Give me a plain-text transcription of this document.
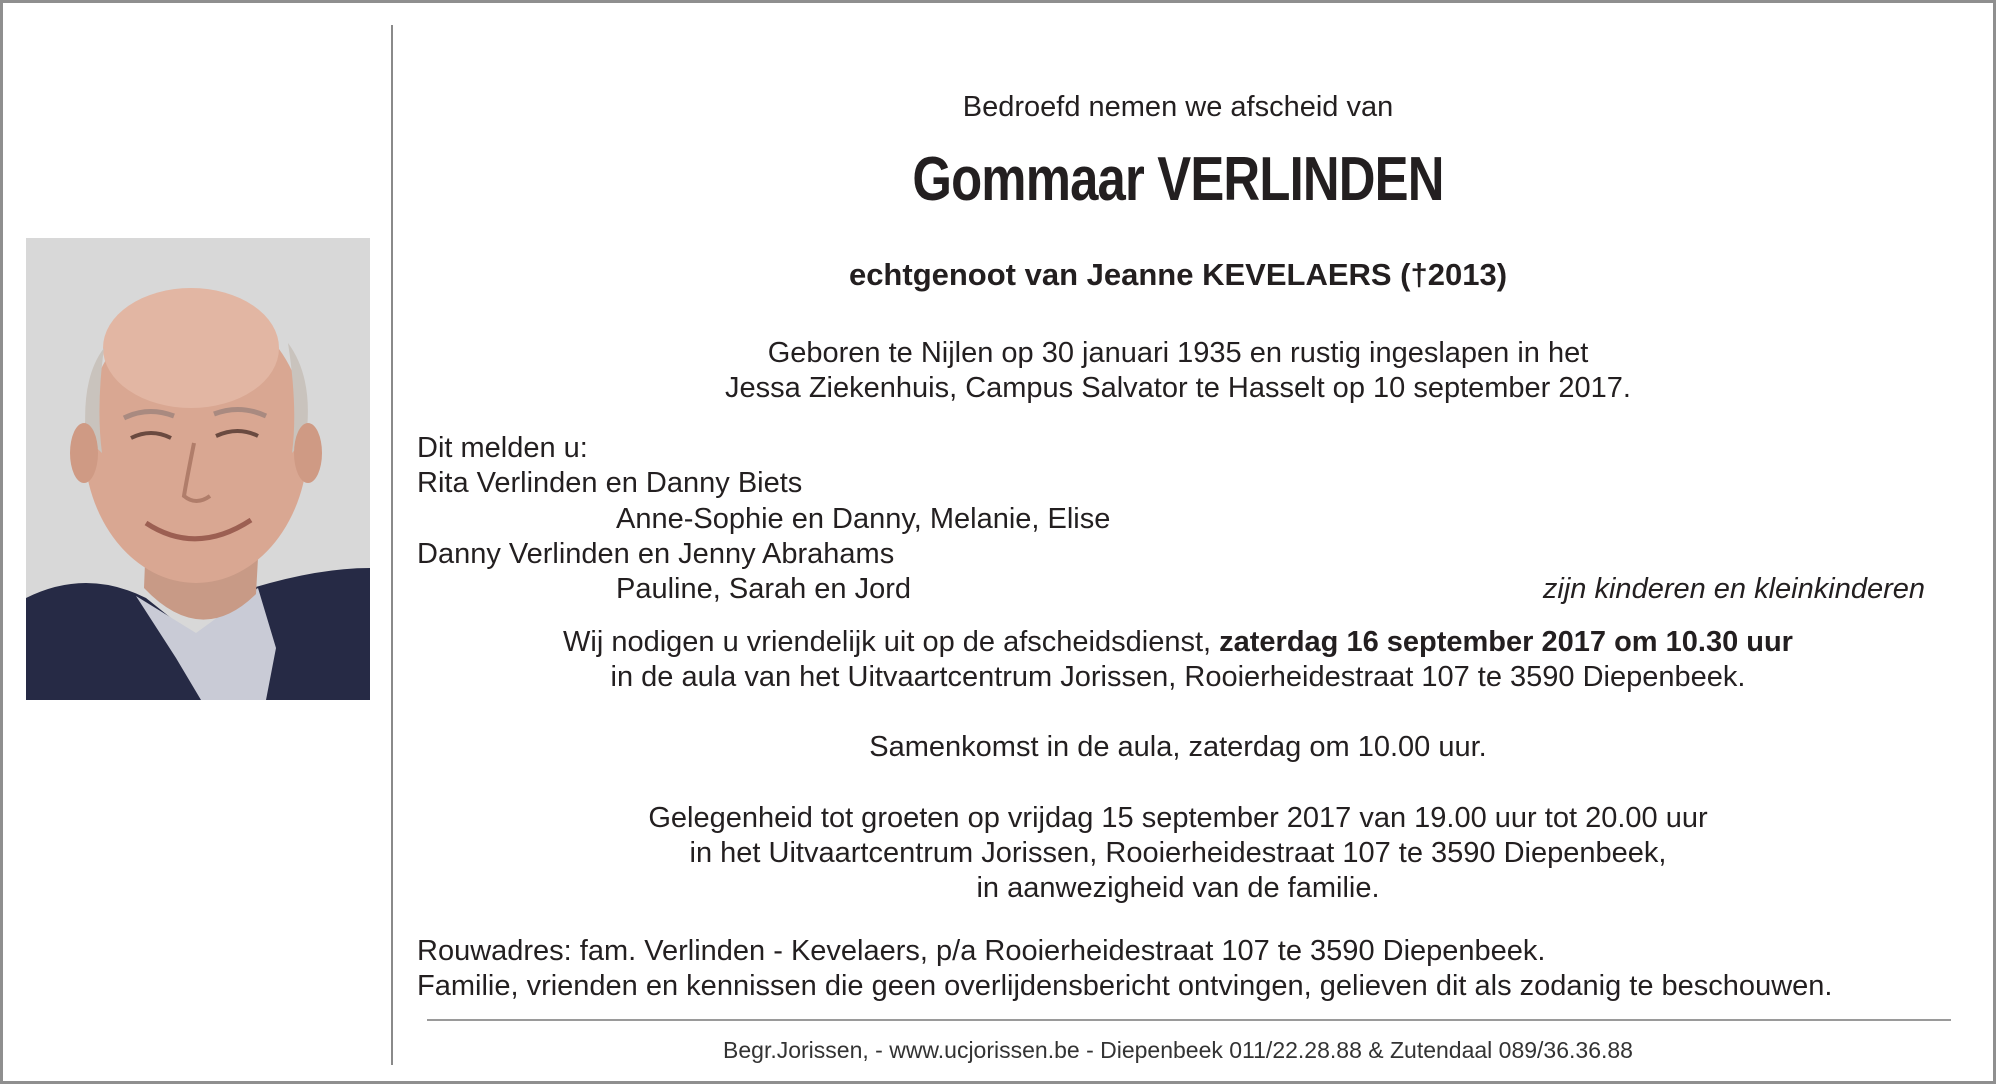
Bedroefd nemen we afscheid van
Gommaar VERLINDEN
echtgenoot van Jeanne KEVELAERS (†2013)
Geboren te Nijlen op 30 januari 1935 en rustig ingeslapen in het
Jessa Ziekenhuis, Campus Salvator te Hasselt op 10 september 2017.
Dit melden u:
Rita Verlinden en Danny Biets
Anne-Sophie en Danny, Melanie, Elise
Danny Verlinden en Jenny Abrahams
Pauline, Sarah en Jord	zijn kinderen en kleinkinderen
Wij nodigen u vriendelijk uit op de afscheidsdienst, zaterdag 16 september 2017 om 10.30 uur
in de aula van het Uitvaartcentrum Jorissen, Rooierheidestraat 107 te 3590 Diepenbeek.
Samenkomst in de aula, zaterdag om 10.00 uur.
Gelegenheid tot groeten op vrijdag 15 september 2017 van 19.00 uur tot 20.00 uur
in het Uitvaartcentrum Jorissen, Rooierheidestraat 107 te 3590 Diepenbeek,
in aanwezigheid van de familie.
Rouwadres: fam. Verlinden - Kevelaers, p/a Rooierheidestraat 107 te 3590 Diepenbeek.
Familie, vrienden en kennissen die geen overlijdensbericht ontvingen, gelieven dit als zodanig te beschouwen.
Begr.Jorissen, - www.ucjorissen.be - Diepenbeek 011/22.28.88 & Zutendaal 089/36.36.88
